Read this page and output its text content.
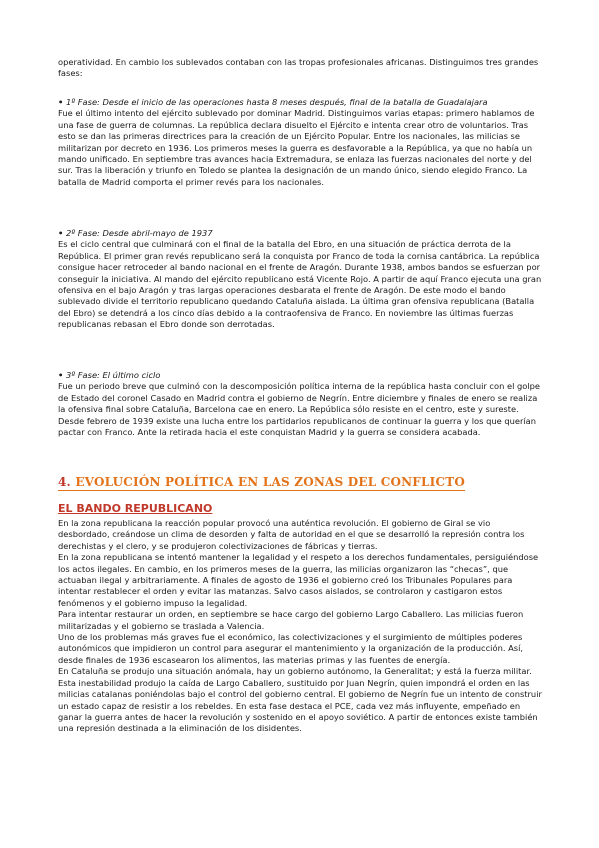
operatividad. En cambio los sublevados contaban con las tropas profesionales africanas. Distinguimos tres grandes fases:

• 1º Fase: Desde el inicio de las operaciones hasta 8 meses después, final de la batalla de Guadalajara
Fue el último intento del ejército sublevado por dominar Madrid. Distinguimos varias etapas: primero hablamos de una fase de guerra de columnas. La república declara disuelto el Ejército e intenta crear otro de voluntarios. Tras esto se dan las primeras directrices para la creación de un Ejército Popular. Entre los nacionales, las milicias se militarizan por decreto en 1936. Los primeros meses la guerra es desfavorable a la República, ya que no había un mando unificado. En septiembre tras avances hacia Extremadura, se enlaza las fuerzas nacionales del norte y del sur. Tras la liberación y triunfo en Toledo se plantea la designación de un mando único, siendo elegido Franco. La batalla de Madrid comporta el primer revés para los nacionales.

• 2º Fase: Desde abril-mayo de 1937
Es el ciclo central que culminará con el final de la batalla del Ebro, en una situación de práctica derrota de la República. El primer gran revés republicano será la conquista por Franco de toda la cornisa cantábrica. La república consigue hacer retroceder al bando nacional en el frente de Aragón. Durante 1938, ambos bandos se esfuerzan por conseguir la iniciativa. Al mando del ejército republicano está Vicente Rojo. A partir de aquí Franco ejecuta una gran ofensiva en el bajo Aragón y tras largas operaciones desbarata el frente de Aragón. De este modo el bando sublevado divide el territorio republicano quedando Cataluña aislada. La última gran ofensiva republicana (Batalla del Ebro) se detendrá a los cinco días debido a la contraofensiva de Franco. En noviembre las últimas fuerzas republicanas rebasan el Ebro donde son derrotadas.

• 3º Fase: El último ciclo
Fue un periodo breve que culminó con la descomposición política interna de la república hasta concluir con el golpe de Estado del coronel Casado en Madrid contra el gobierno de Negrín. Entre diciembre y finales de enero se realiza la ofensiva final sobre Cataluña, Barcelona cae en enero. La República sólo resiste en el centro, este y sureste. Desde febrero de 1939 existe una lucha entre los partidarios republicanos de continuar la guerra y los que querían pactar con Franco. Ante la retirada hacia el este conquistan Madrid y la guerra se considera acabada.

4. EVOLUCIÓN POLÍTICA EN LAS ZONAS DEL CONFLICTO
EL BANDO REPUBLICANO
En la zona republicana la reacción popular provocó una auténtica revolución. El gobierno de Giral se vio desbordado, creándose un clima de desorden y falta de autoridad en el que se desarrolló la represión contra los derechistas y el clero, y se produjeron colectivizaciones de fábricas y tierras.
En la zona republicana se intentó mantener la legalidad y el respeto a los derechos fundamentales, persiguiéndose los actos ilegales. En cambio, en los primeros meses de la guerra, las milicias organizaron las “checas”, que actuaban ilegal y arbitrariamente. A finales de agosto de 1936 el gobierno creó los Tribunales Populares para intentar restablecer el orden y evitar las matanzas. Salvo casos aislados, se controlaron y castigaron estos fenómenos y el gobierno impuso la legalidad.
Para intentar restaurar un orden, en septiembre se hace cargo del gobierno Largo Caballero. Las milicias fueron militarizadas y el gobierno se traslada a Valencia.
Uno de los problemas más graves fue el económico, las colectivizaciones y el surgimiento de múltiples poderes autonómicos que impidieron un control para asegurar el mantenimiento y la organización de la producción. Así, desde finales de 1936 escasearon los alimentos, las materias primas y las fuentes de energía.
En Cataluña se produjo una situación anómala, hay un gobierno autónomo, la Generalitat; y está la fuerza militar.
Esta inestabilidad produjo la caída de Largo Caballero, sustituido por Juan Negrín, quien impondrá el orden en las milicias catalanas poniéndolas bajo el control del gobierno central. El gobierno de Negrín fue un intento de construir un estado capaz de resistir a los rebeldes. En esta fase destaca el PCE, cada vez más influyente, empeñado en ganar la guerra antes de hacer la revolución y sostenido en el apoyo soviético. A partir de entonces existe también una represión destinada a la eliminación de los disidentes.
